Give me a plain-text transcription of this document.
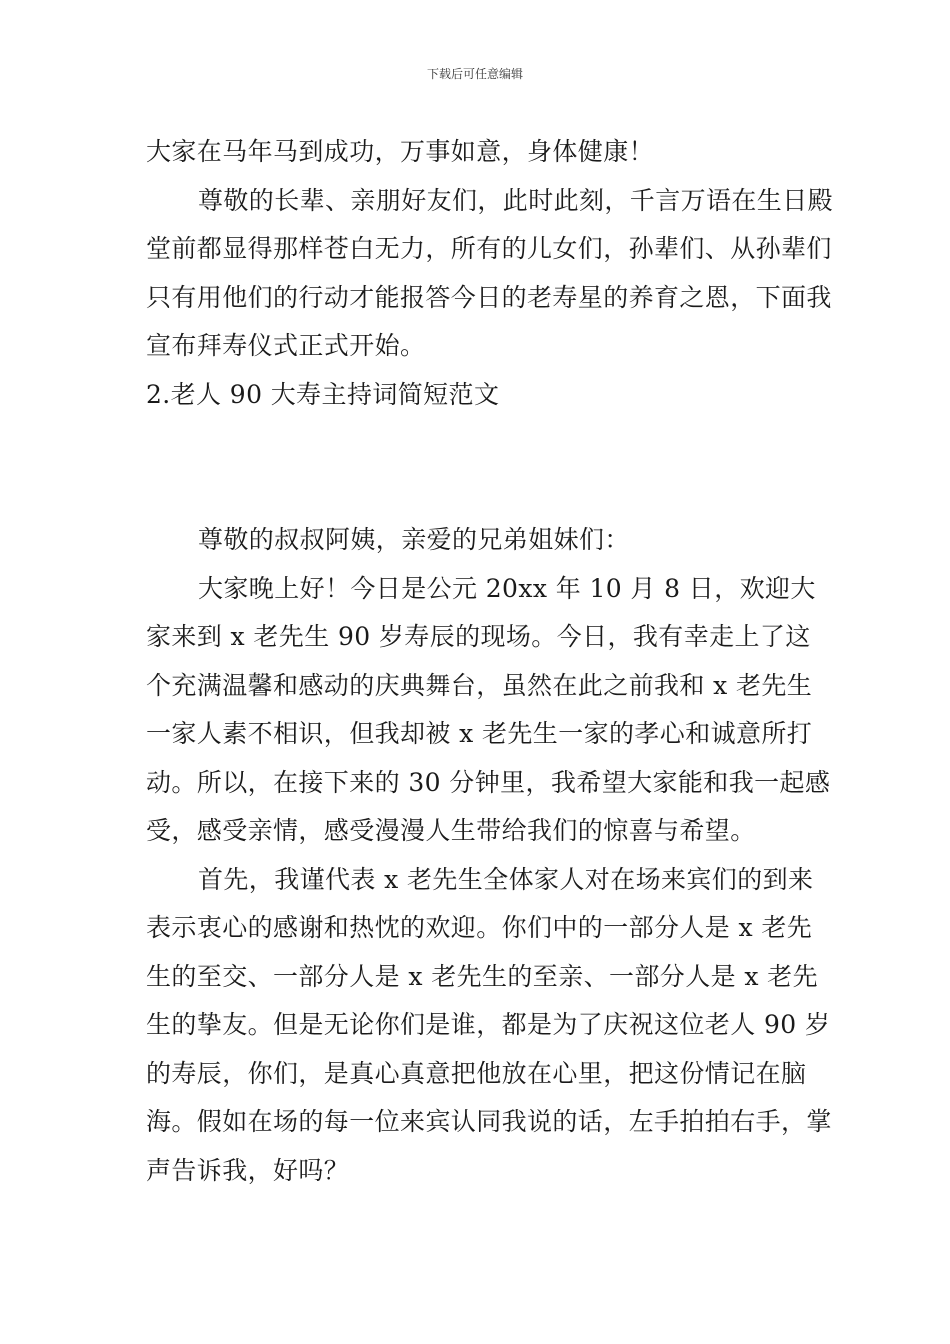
下载后可任意编辑

大家在马年马到成功，万事如意，身体健康！

尊敬的长辈、亲朋好友们，此时此刻，千言万语在生日殿堂前都显得那样苍白无力，所有的儿女们，孙辈们、从孙辈们只有用他们的行动才能报答今日的老寿星的养育之恩，下面我宣布拜寿仪式正式开始。

2.老人 90 大寿主持词简短范文

尊敬的叔叔阿姨，亲爱的兄弟姐妹们：

大家晚上好！今日是公元 20xx 年 10 月 8 日，欢迎大家来到 x 老先生 90 岁寿辰的现场。今日，我有幸走上了这个充满温馨和感动的庆典舞台，虽然在此之前我和 x 老先生一家人素不相识，但我却被 x 老先生一家的孝心和诚意所打动。所以，在接下来的 30 分钟里，我希望大家能和我一起感受，感受亲情，感受漫漫人生带给我们的惊喜与希望。

首先，我谨代表 x 老先生全体家人对在场来宾们的到来表示衷心的感谢和热忱的欢迎。你们中的一部分人是 x 老先生的至交、一部分人是 x 老先生的至亲、一部分人是 x 老先生的挚友。但是无论你们是谁，都是为了庆祝这位老人 90 岁的寿辰，你们，是真心真意把他放在心里，把这份情记在脑海。假如在场的每一位来宾认同我说的话，左手拍拍右手，掌声告诉我，好吗？
